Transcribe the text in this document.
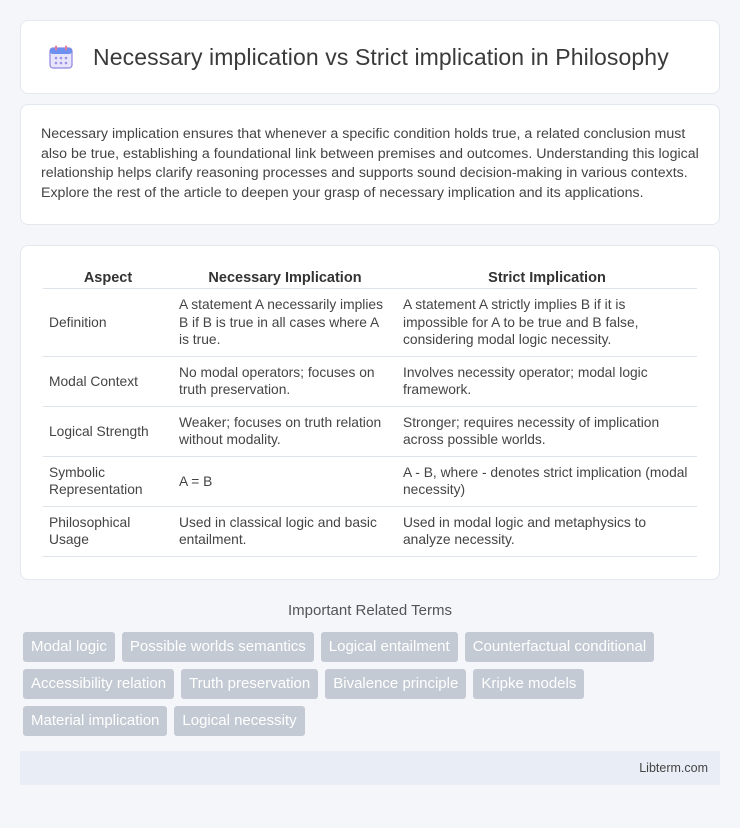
Necessary implication vs Strict implication in Philosophy

Necessary implication ensures that whenever a specific condition holds true, a related conclusion must also be true, establishing a foundational link between premises and outcomes. Understanding this logical relationship helps clarify reasoning processes and supports sound decision-making in various contexts. Explore the rest of the article to deepen your grasp of necessary implication and its applications.

Aspect	Necessary Implication	Strict Implication
Definition	A statement A necessarily implies B if B is true in all cases where A is true.	A statement A strictly implies B if it is impossible for A to be true and B false, considering modal logic necessity.
Modal Context	No modal operators; focuses on truth preservation.	Involves necessity operator; modal logic framework.
Logical Strength	Weaker; focuses on truth relation without modality.	Stronger; requires necessity of implication across possible worlds.
Symbolic Representation	A = B	A - B, where - denotes strict implication (modal necessity)
Philosophical Usage	Used in classical logic and basic entailment.	Used in modal logic and metaphysics to analyze necessity.
Important Related Terms
Modal logic	Possible worlds semantics	Logical entailment	Counterfactual conditional
Accessibility relation	Truth preservation	Bivalence principle	Kripke models
Material implication	Logical necessity
Libterm.com
